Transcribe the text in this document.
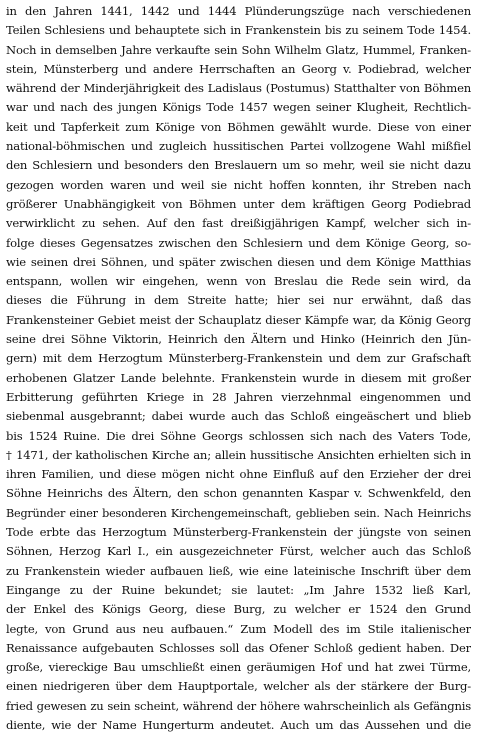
in den Jahren 1441, 1442 und 1444 Plünderungszüge nach verschiedenen
Teilen Schlesiens und behauptete sich in Frankenstein bis zu seinem Tode 1454.
Noch in demselben Jahre verkaufte sein Sohn Wilhelm Glatz, Hummel, Franken-
stein, Münsterberg und andere Herrschaften an Georg v. Podiebrad, welcher
während der Minderjährigkeit des Ladislaus (Postumus) Statthalter von Böhmen
war und nach des jungen Königs Tode 1457 wegen seiner Klugheit, Rechtlich-
keit und Tapferkeit zum Könige von Böhmen gewählt wurde. Diese von einer
national-böhmischen und zugleich hussitischen Partei vollzogene Wahl mißfiel
den Schlesiern und besonders den Breslauern um so mehr, weil sie nicht dazu
gezogen worden waren und weil sie nicht hoffen konnten, ihr Streben nach
größerer Unabhängigkeit von Böhmen unter dem kräftigen Georg Podiebrad
verwirklicht zu sehen. Auf den fast dreißigjährigen Kampf, welcher sich in-
folge dieses Gegensatzes zwischen den Schlesiern und dem Könige Georg, so-
wie seinen drei Söhnen, und später zwischen diesen und dem Könige Matthias
entspann, wollen wir eingehen, wenn von Breslau die Rede sein wird, da
dieses die Führung in dem Streite hatte; hier sei nur erwähnt, daß das
Frankensteiner Gebiet meist der Schauplatz dieser Kämpfe war, da König Georg
seine drei Söhne Viktorin, Heinrich den Ältern und Hinko (Heinrich den Jün-
gern) mit dem Herzogtum Münsterberg-Frankenstein und dem zur Grafschaft
erhobenen Glatzer Lande belehnte. Frankenstein wurde in diesem mit großer
Erbitterung geführten Kriege in 28 Jahren vierzehnmal eingenommen und
siebenmal ausgebrannt; dabei wurde auch das Schloß eingeäschert und blieb
bis 1524 Ruine. Die drei Söhne Georgs schlossen sich nach des Vaters Tode,
† 1471, der katholischen Kirche an; allein hussitische Ansichten erhielten sich in
ihren Familien, und diese mögen nicht ohne Einfluß auf den Erzieher der drei
Söhne Heinrichs des Ältern, den schon genannten Kaspar v. Schwenkfeld, den
Begründer einer besonderen Kirchengemeinschaft, geblieben sein. Nach Heinrichs
Tode erbte das Herzogtum Münsterberg-Frankenstein der jüngste von seinen
Söhnen, Herzog Karl I., ein ausgezeichneter Fürst, welcher auch das Schloß
zu Frankenstein wieder aufbauen ließ, wie eine lateinische Inschrift über dem
Eingange zu der Ruine bekundet; sie lautet: „Im Jahre 1532 ließ Karl,
der Enkel des Königs Georg, diese Burg, zu welcher er 1524 den Grund
legte, von Grund aus neu aufbauen.“ Zum Modell des im Stile italienischer
Renaissance aufgebauten Schlosses soll das Ofener Schloß gedient haben. Der
große, viereckige Bau umschließt einen geräumigen Hof und hat zwei Türme,
einen niedrigeren über dem Hauptportale, welcher als der stärkere der Burg-
fried gewesen zu sein scheint, während der höhere wahrscheinlich als Gefängnis
diente, wie der Name Hungerturm andeutet. Auch um das Aussehen und die
